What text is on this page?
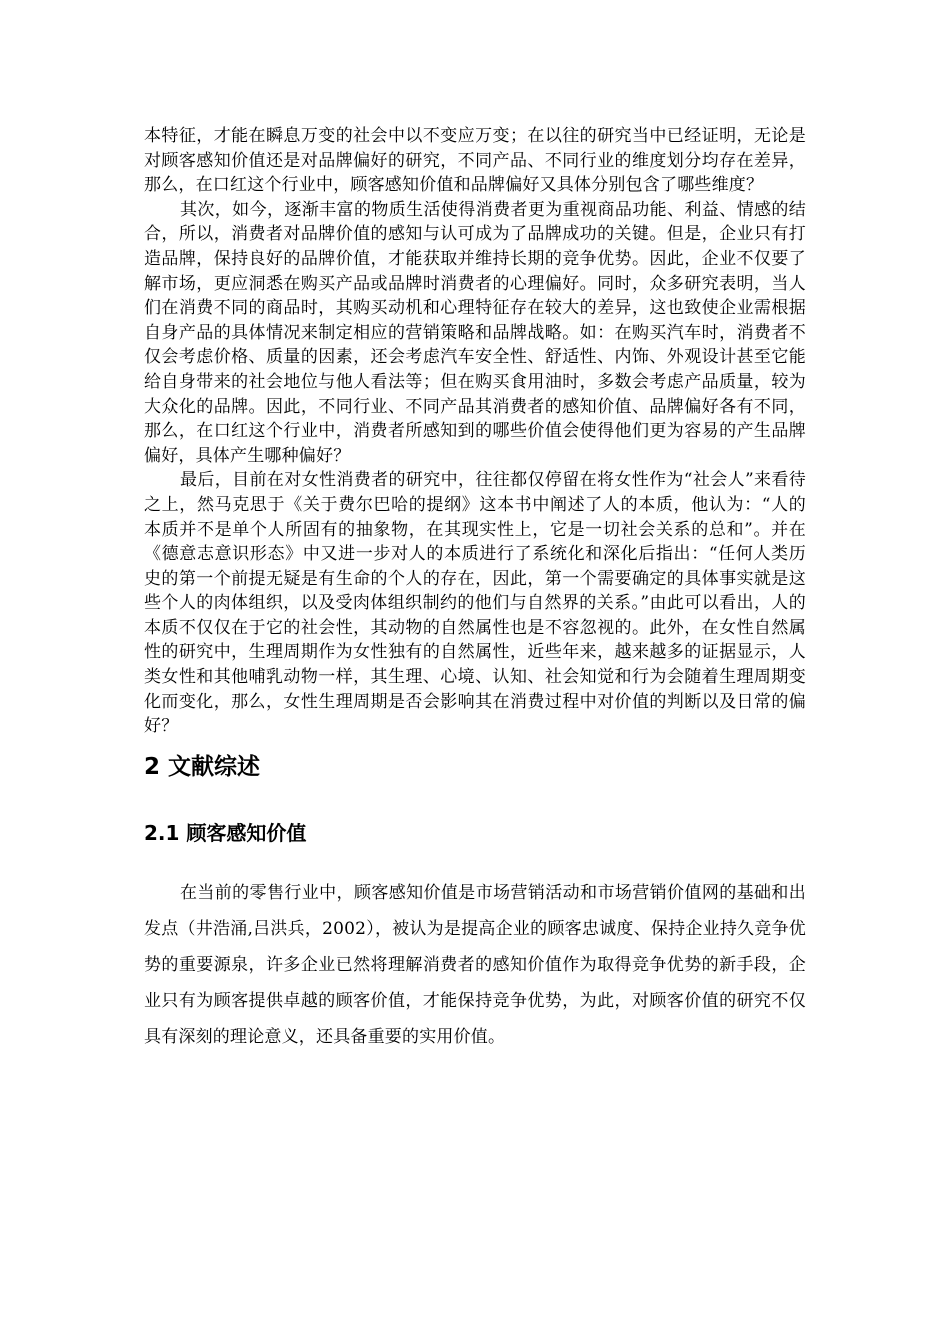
本特征，才能在瞬息万变的社会中以不变应万变；在以往的研究当中已经证明，无论是对顾客感知价值还是对品牌偏好的研究，不同产品、不同行业的维度划分均存在差异，那么，在口红这个行业中，顾客感知价值和品牌偏好又具体分别包含了哪些维度？

其次，如今，逐渐丰富的物质生活使得消费者更为重视商品功能、利益、情感的结合，所以，消费者对品牌价值的感知与认可成为了品牌成功的关键。但是，企业只有打造品牌，保持良好的品牌价值，才能获取并维持长期的竞争优势。因此，企业不仅要了解市场，更应洞悉在购买产品或品牌时消费者的心理偏好。同时，众多研究表明，当人们在消费不同的商品时，其购买动机和心理特征存在较大的差异，这也致使企业需根据自身产品的具体情况来制定相应的营销策略和品牌战略。如：在购买汽车时，消费者不仅会考虑价格、质量的因素，还会考虑汽车安全性、舒适性、内饰、外观设计甚至它能给自身带来的社会地位与他人看法等；但在购买食用油时，多数会考虑产品质量，较为大众化的品牌。因此，不同行业、不同产品其消费者的感知价值、品牌偏好各有不同，那么，在口红这个行业中，消费者所感知到的哪些价值会使得他们更为容易的产生品牌偏好，具体产生哪种偏好？

最后，目前在对女性消费者的研究中，往往都仅停留在将女性作为“社会人”来看待之上，然马克思于《关于费尔巴哈的提纲》这本书中阐述了人的本质，他认为：“人的本质并不是单个人所固有的抽象物，在其现实性上，它是一切社会关系的总和”。并在《德意志意识形态》中又进一步对人的本质进行了系统化和深化后指出：“任何人类历史的第一个前提无疑是有生命的个人的存在，因此，第一个需要确定的具体事实就是这些个人的肉体组织，以及受肉体组织制约的他们与自然界的关系。”由此可以看出，人的本质不仅仅在于它的社会性，其动物的自然属性也是不容忽视的。此外，在女性自然属性的研究中，生理周期作为女性独有的自然属性，近些年来，越来越多的证据显示，人类女性和其他哺乳动物一样，其生理、心境、认知、社会知觉和行为会随着生理周期变化而变化，那么，女性生理周期是否会影响其在消费过程中对价值的判断以及日常的偏好？

2 文献综述
2.1 顾客感知价值

在当前的零售行业中，顾客感知价值是市场营销活动和市场营销价值网的基础和出发点（井浩涌,吕洪兵，2002），被认为是提高企业的顾客忠诚度、保持企业持久竞争优势的重要源泉，许多企业已然将理解消费者的感知价值作为取得竞争优势的新手段，企业只有为顾客提供卓越的顾客价值，才能保持竞争优势，为此，对顾客价值的研究不仅具有深刻的理论意义，还具备重要的实用价值。
